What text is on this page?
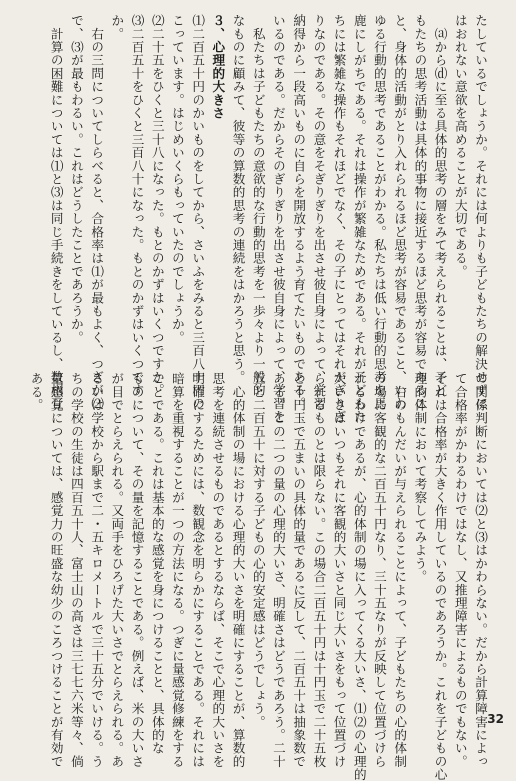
たしているでしょうか。それには何よりも子どもたちの解決せずに
はおれない意欲を高めることが大切である。
　⒜から⒟に至る具体的思考の層をみて考えられることは、子ど
もたちの思考活動は具体的事物に接近するほど思考が容易であるこ
と、身体的活動がとり入れられるほど思考が容易であること、いわ
ゆる行動的思考であることがわかる。私たちは低い行動的思考を馬
鹿にしがちである。それは操作が繁雑なためである。それが子どもた
ちには繁雑な操作もそれほどでなく、その子にとってはそれがぎりぎ
りなのである。その意をそぎりぎりを出させ彼自身によって、学習
納得から一段高いものに自らを開放するよう育てたいものである。
いるのである。だからそのぎりぎりを出させ彼自身によって、学習を
　私たちは子どもたちの意欲的な行動的思考を一歩々より一般的
なものに顧みて、彼等の算数的思考の連続をはかろうと思う。
３、心理的大きさ
⑴二百五十円のかいものをしてから、さいふをみると三百八十円の
こっています。はじめいくらもっていたのでしょうか。
⑵二十五をひくと三十八になった。もとのかずはいくつですか。
⑶二百五十をひくと三百八十になった。もとのかずはいくつです
か。
　右の三問についてしらべると、合格率は⑴が最もよく、つぎが⑵
で、⑶が最もわるい。これはどうしたことであろうか。
　計算の困難については⑴と⑶は同じ手続きをしているし、数相互
の関係判断においては⑵と⑶はかわらない。だから計算障害によっ
て合格率がかわるわけではなし、又推理障害によるものでもない。
それは合格率が大きく作用しているのであろうか。これを子どもの心
理的体制において考察してみよう。
　右のもんだいが与えられることによって、子どもたちの心的体制
の場に客観的な二百五十円なり、三十五なりが反映して位置づけら
れるわけであるが、心的体制の場に入ってくる大いさ、⑴⑵の心理的
大いさはいつもそれに客観的大いさと同じ大いさをもって位置づけ
られるものとは限らない。この場合二百五十円は十円玉で二十五枚
と十円玉で五まいの具体的量であるに反して、二百五十は抽象数で
ある。この二つの量の心理的大いさ、明確さはどうであろう。二十
五と二百五十に対する子どもの心的安定感はどうでしょう。
　心的体制の場における心理的大いさを明確にすることが、算数的
思考を連続させるものであるとするならば、そこで心理的大いさを
明確にするためには、数観念を明らかにすることである。それには
暗算を重視することが一つの方法になる。つぎに量感覚修練をする
ことである。これは基本的な感覚を身につけることと、具体的な
ものについて、その量を記憶することである。例えば、米の大いさ
が目でとらえられる。又両手をひろげた大いさでとらえられる。あ
るいは学校から駅まで二・五キロメートルで三十五分でいける。う
ちの学校の生徒は四百五十人、富士山の高さは三七七六米等々、倘
量感覚については、感覚力の旺盛な幼少のころつけることが有効で
ある。
32
